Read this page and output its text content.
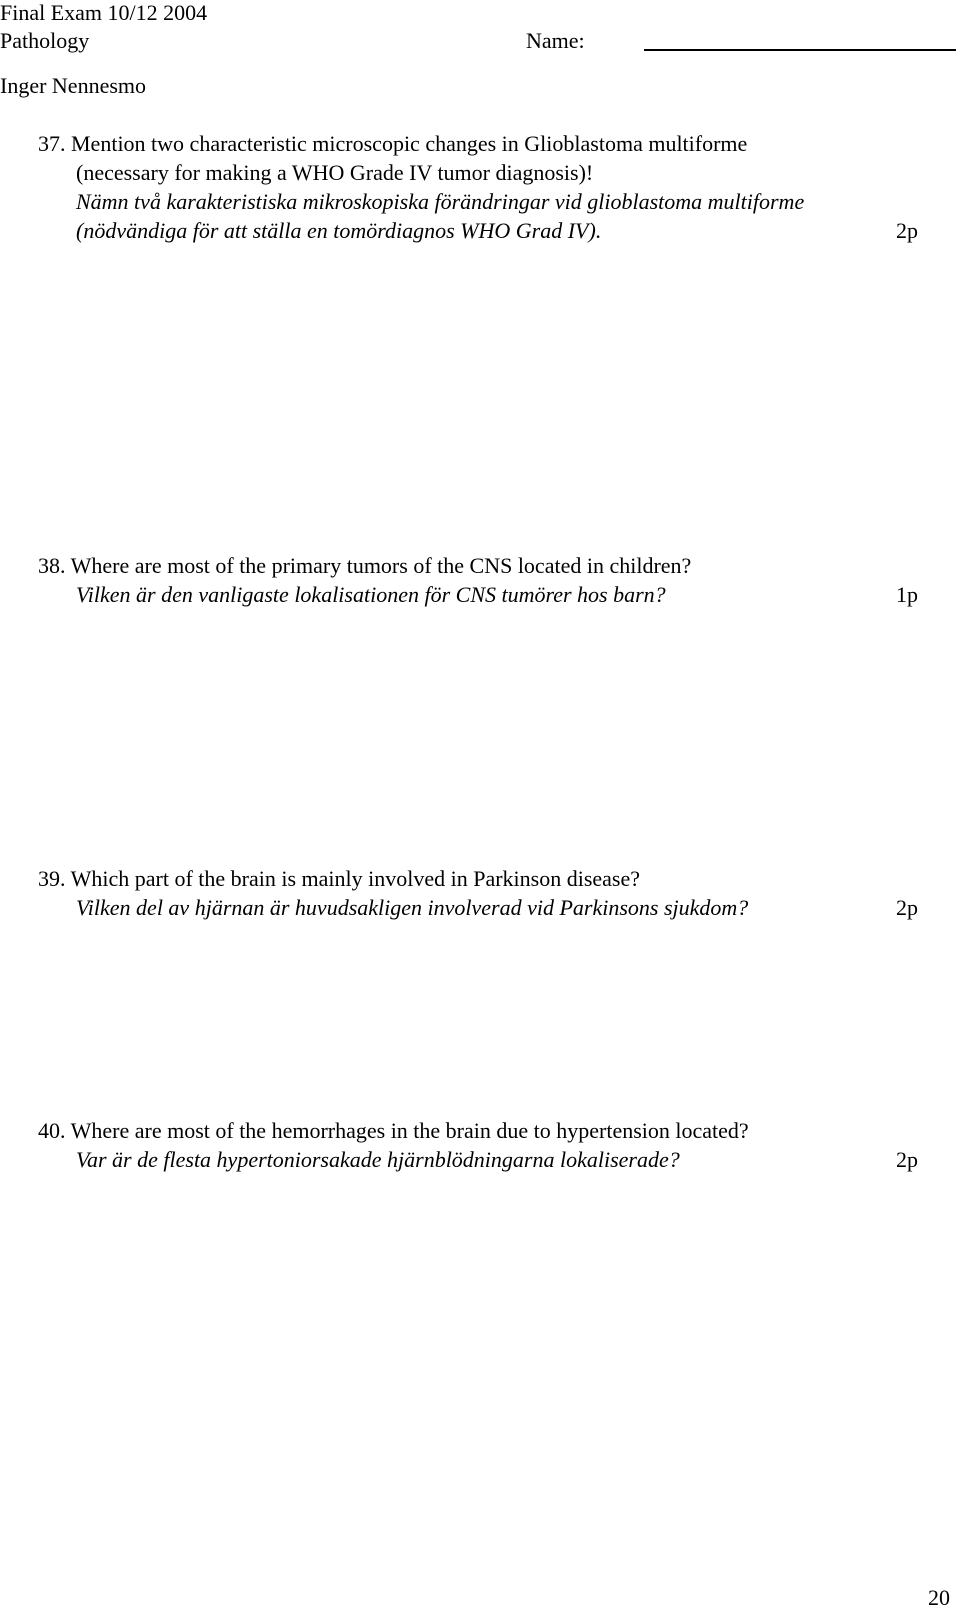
Final Exam 10/12 2004
Pathology	Name:
Inger Nennesmo
37. Mention two characteristic microscopic changes in Glioblastoma multiforme
(necessary for making a WHO Grade IV tumor diagnosis)!
Nämn två karakteristiska mikroskopiska förändringar vid glioblastoma multiforme
(nödvändiga för att ställa en tomördiagnos WHO Grad IV).	2p
38. Where are most of the primary tumors of the CNS located in children?
Vilken är den vanligaste lokalisationen för CNS tumörer hos barn?	1p
39. Which part of the brain is mainly involved in Parkinson disease?
Vilken del av hjärnan är huvudsakligen involverad vid Parkinsons sjukdom?	2p
40. Where are most of the hemorrhages in the brain due to hypertension located?
Var är de flesta hypertoniorsakade hjärnblödningarna lokaliserade?	2p
20
